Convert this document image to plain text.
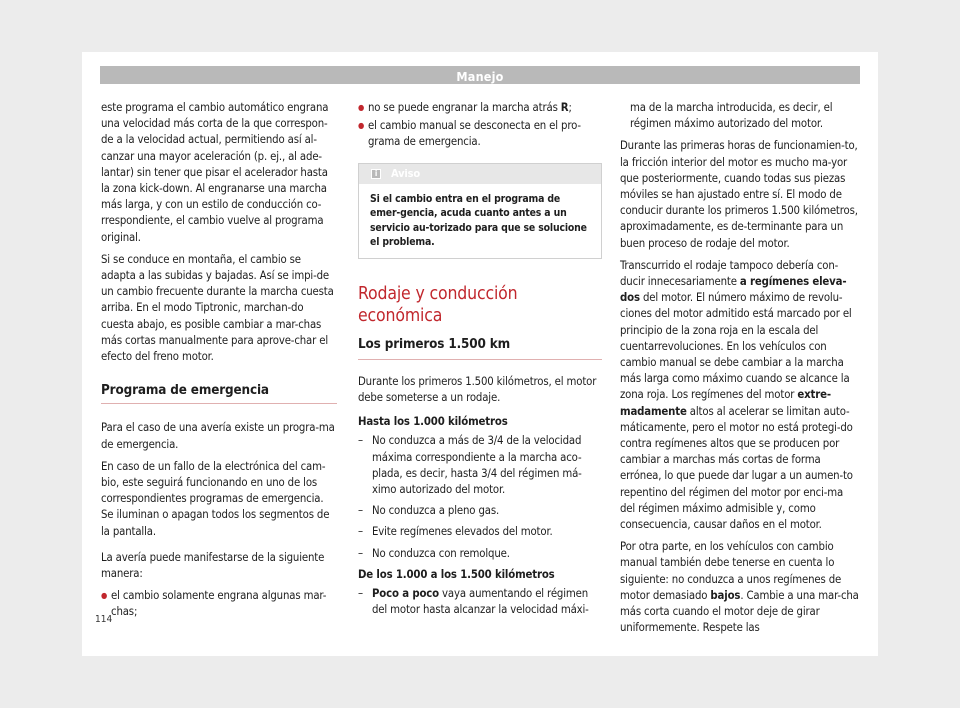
Manejo

este programa el cambio automático engrana una velocidad más corta de la que correspon-de a la velocidad actual, permitiendo así al-canzar una mayor aceleración (p. ej., al ade-lantar) sin tener que pisar el acelerador hasta la zona kick-down. Al engranarse una marcha más larga, y con un estilo de conducción co-rrespondiente, el cambio vuelve al programa original.

Si se conduce en montaña, el cambio se adapta a las subidas y bajadas. Así se impi-de un cambio frecuente durante la marcha cuesta arriba. En el modo Tiptronic, marchan-do cuesta abajo, es posible cambiar a mar-chas más cortas manualmente para aprove-char el efecto del freno motor.

Programa de emergencia

Para el caso de una avería existe un progra-ma de emergencia.

En caso de un fallo de la electrónica del cam-bio, este seguirá funcionando en uno de los correspondientes programas de emergencia. Se iluminan o apagan todos los segmentos de la pantalla.

La avería puede manifestarse de la siguiente manera:

● el cambio solamente engrana algunas mar-chas;
● no se puede engranar la marcha atrás R;
● el cambio manual se desconecta en el pro-grama de emergencia.
i	Aviso
Si el cambio entra en el programa de emer-gencia, acuda cuanto antes a un servicio au-torizado para que se solucione el problema.
Rodaje y conducción económica
Los primeros 1.500 km

Durante los primeros 1.500 kilómetros, el motor debe someterse a un rodaje.

Hasta los 1.000 kilómetros
– No conduzca a más de 3/4 de la velocidad máxima correspondiente a la marcha aco-plada, es decir, hasta 3/4 del régimen má-ximo autorizado del motor.
– No conduzca a pleno gas.
– Evite regímenes elevados del motor.
– No conduzca con remolque.
De los 1.000 a los 1.500 kilómetros
– Poco a poco vaya aumentando el régimen del motor hasta alcanzar la velocidad máxi-

ma de la marcha introducida, es decir, el régimen máximo autorizado del motor.

Durante las primeras horas de funcionamien-to, la fricción interior del motor es mucho ma-yor que posteriormente, cuando todas sus piezas móviles se han ajustado entre sí. El modo de conducir durante los primeros 1.500 kilómetros, aproximadamente, es de-terminante para un buen proceso de rodaje del motor.

Transcurrido el rodaje tampoco debería con-ducir innecesariamente a regímenes eleva-dos del motor. El número máximo de revolu-ciones del motor admitido está marcado por el principio de la zona roja en la escala del cuentarrevoluciones. En los vehículos con cambio manual se debe cambiar a la marcha más larga como máximo cuando se alcance la zona roja. Los regímenes del motor extre-madamente altos al acelerar se limitan auto-máticamente, pero el motor no está protegi-do contra regímenes altos que se producen por cambiar a marchas más cortas de forma errónea, lo que puede dar lugar a un aumen-to repentino del régimen del motor por enci-ma del régimen máximo admisible y, como consecuencia, causar daños en el motor.

Por otra parte, en los vehículos con cambio manual también debe tenerse en cuenta lo siguiente: no conduzca a unos regímenes de motor demasiado bajos. Cambie a una mar-cha más corta cuando el motor deje de girar uniformemente. Respete las

114
